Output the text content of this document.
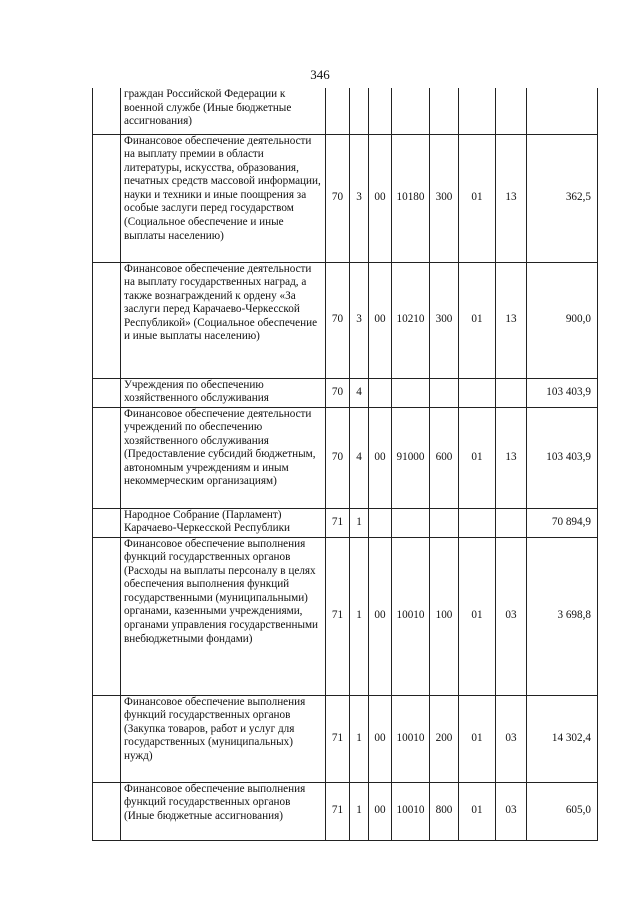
346
	граждан Российской Федерации к военной службе (Иные бюджетные ассигнования)								
	Финансовое обеспечение деятельности на выплату премии в области литературы, искусства, образования, печатных средств массовой информации, науки и техники и иные поощрения за особые заслуги перед государством (Социальное обеспечение и иные выплаты населению)	70	3	00	10180	300	01	13	362,5
	Финансовое обеспечение деятельности на выплату государственных наград, а также вознаграждений к ордену «За заслуги перед Карачаево-Черкесской Республикой» (Социальное обеспечение и иные выплаты населению)	70	3	00	10210	300	01	13	900,0
	Учреждения по обеспечению хозяйственного обслуживания	70	4						103 403,9
	Финансовое обеспечение деятельности учреждений по обеспечению хозяйственного обслуживания (Предоставление субсидий бюджетным, автономным учреждениям и иным некоммерческим организациям)	70	4	00	91000	600	01	13	103 403,9
	Народное Собрание (Парламент) Карачаево-Черкесской Республики	71	1						70 894,9
	Финансовое обеспечение выполнения функций государственных органов (Расходы на выплаты персоналу в целях обеспечения выполнения функций государственными (муниципальными) органами, казенными учреждениями, органами управления государственными внебюджетными фондами)	71	1	00	10010	100	01	03	3 698,8
	Финансовое обеспечение выполнения функций государственных органов (Закупка товаров, работ и услуг для государственных (муниципальных) нужд)	71	1	00	10010	200	01	03	14 302,4
	Финансовое обеспечение выполнения функций государственных органов (Иные бюджетные ассигнования)	71	1	00	10010	800	01	03	605,0
